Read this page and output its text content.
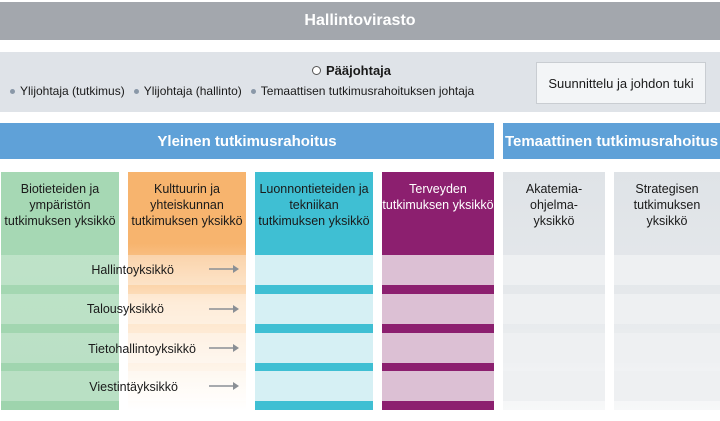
Hallintovirasto
Pääjohtaja
Ylijohtaja (tutkimus) Ylijohtaja (hallinto) Temaattisen tutkimusrahoituksen johtaja
Suunnittelu ja johdon tuki
Yleinen tutkimusrahoitus	Temaattinen tutkimusrahoitus
Biotieteiden ja ympäristön tutkimuksen yksikkö
Kulttuurin ja yhteiskunnan tutkimuksen yksikkö
Luonnontieteiden ja tekniikan tutkimuksen yksikkö
Terveyden tutkimuksen yksikkö
Akatemia-ohjelma-yksikkö
Strategisen tutkimuksen yksikkö
Hallintoyksikkö
Talousyksikkö
Tietohallintoyksikkö
Viestintäyksikkö
